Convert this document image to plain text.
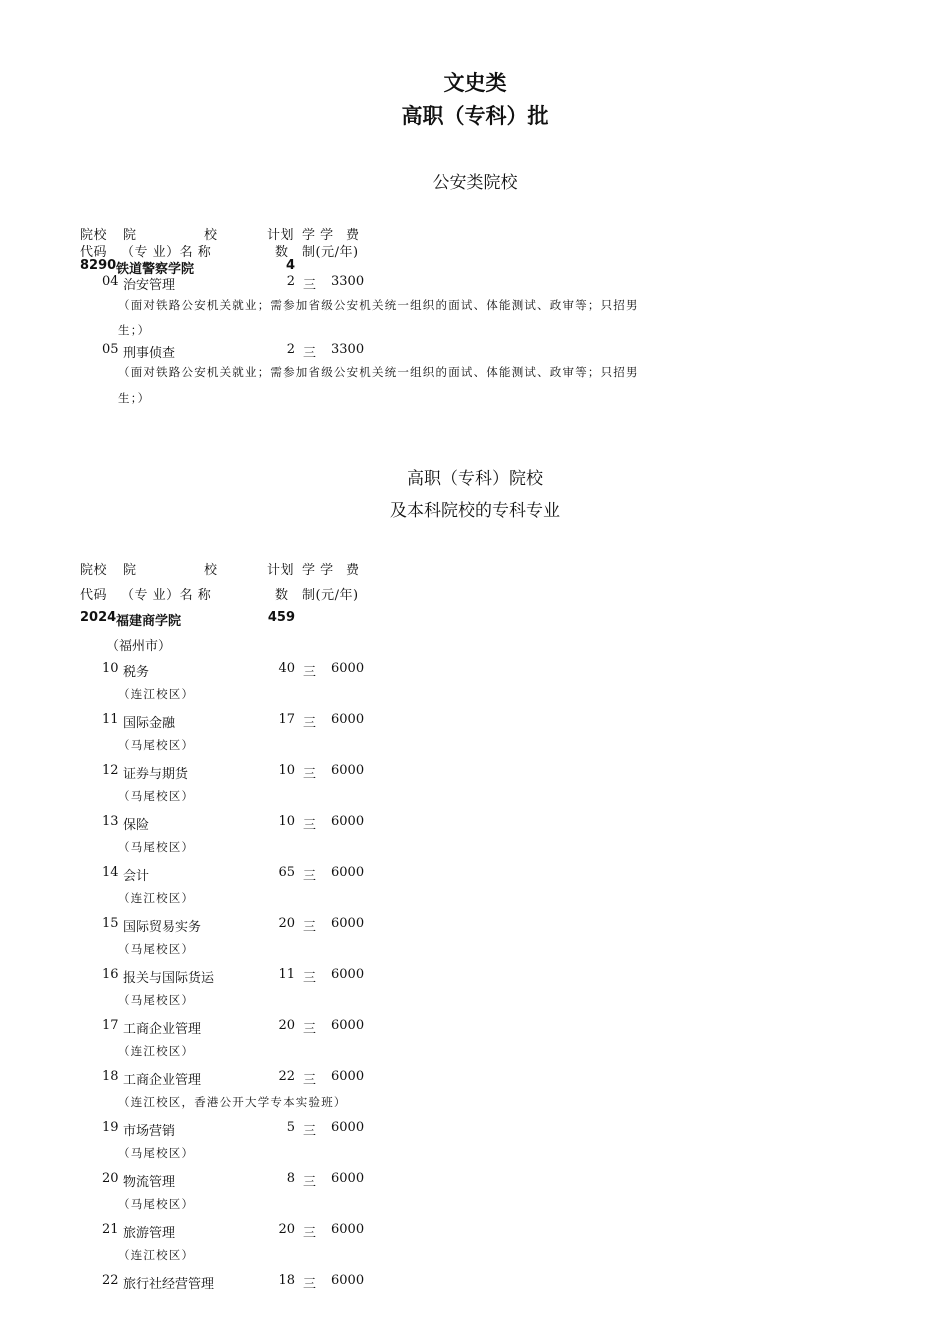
文史类
高职（专科）批
公安类院校
院校 院　　　　　校	计划 学 学 费
代码 （专 业）名 称	数 制(元/年)
8290 铁道警察学院	4
04 治安管理	2 三 3300
（面对铁路公安机关就业；需参加省级公安机关统一组织的面试、体能测试、政审等；只招男
生；）
05 刑事侦查	2 三 3300
（面对铁路公安机关就业；需参加省级公安机关统一组织的面试、体能测试、政审等；只招男
生；）
高职（专科）院校
及本科院校的专科专业
院校 院　　　　　校	计划 学 学 费
代码 （专 业）名 称	数 制(元/年)
2024 福建商学院	459
（福州市）
10 税务	40 三 6000
（连江校区）
11 国际金融	17 三 6000
（马尾校区）
12 证券与期货	10 三 6000
（马尾校区）
13 保险	10 三 6000
（马尾校区）
14 会计	65 三 6000
（连江校区）
15 国际贸易实务	20 三 6000
（马尾校区）
16 报关与国际货运	11 三 6000
（马尾校区）
17 工商企业管理	20 三 6000
（连江校区）
18 工商企业管理	22 三 6000
（连江校区，香港公开大学专本实验班）
19 市场营销	5 三 6000
（马尾校区）
20 物流管理	8 三 6000
（马尾校区）
21 旅游管理	20 三 6000
（连江校区）
22 旅行社经营管理	18 三 6000
